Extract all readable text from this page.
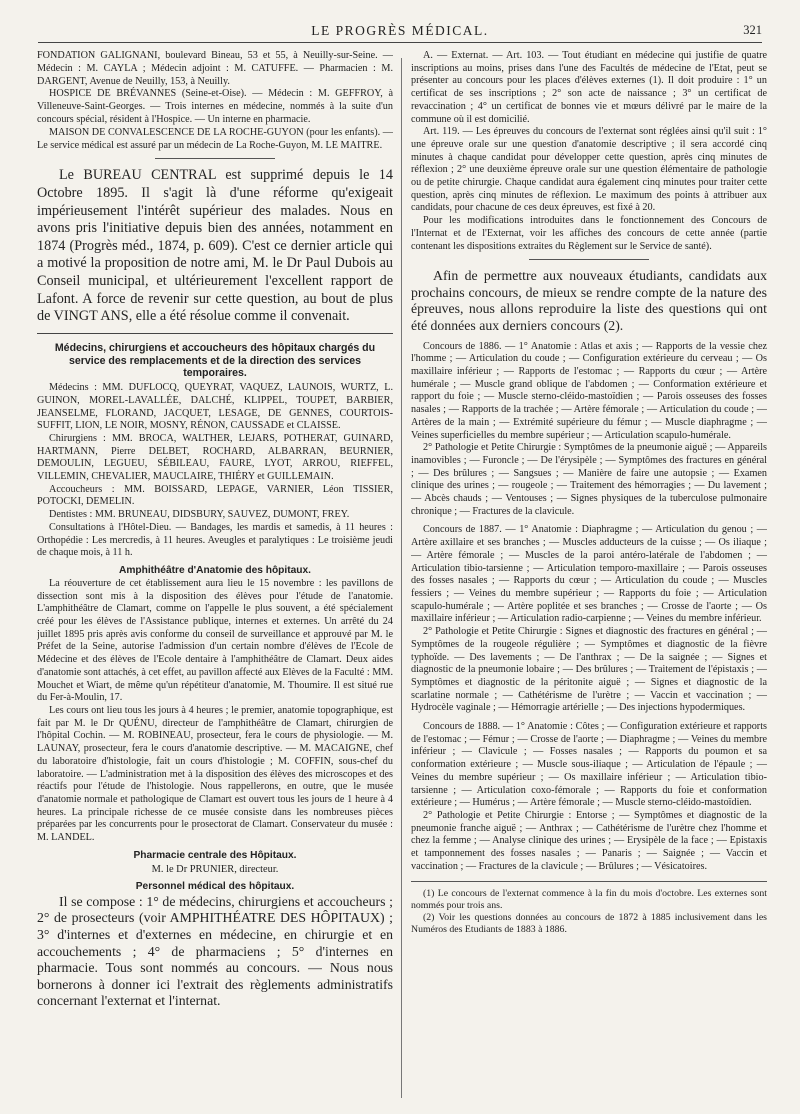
LE PROGRÈS MÉDICAL.	321

FONDATION GALIGNANI, boulevard Bineau, 53 et 55, à Neuilly-sur-Seine. — Médecin : M. CAYLA ; Médecin adjoint : M. CATUFFE. — Pharmacien : M. DARGENT, Avenue de Neuilly, 153, à Neuilly.

HOSPICE DE BRÉVANNES (Seine-et-Oise). — Médecin : M. GEFFROY, à Villeneuve-Saint-Georges. — Trois internes en médecine, nommés à la suite d'un concours spécial, résident à l'Hospice. — Un interne en pharmacie.

MAISON DE CONVALESCENCE DE LA ROCHE-GUYON (pour les enfants). — Le service médical est assuré par un médecin de La Roche-Guyon, M. LE MAITRE.

Le BUREAU CENTRAL est supprimé depuis le 14 Octobre 1895. Il s'agit là d'une réforme qu'exigeait impérieusement l'intérêt supérieur des malades. Nous en avons pris l'initiative depuis bien des années, notamment en 1874 (Progrès méd., 1874, p. 609). C'est ce dernier article qui a motivé la proposition de notre ami, M. le Dr Paul Dubois au Conseil municipal, et ultérieurement l'excellent rapport de Lafont. A force de revenir sur cette question, au bout de plus de VINGT ANS, elle a été résolue comme il convenait.

Médecins, chirurgiens et accoucheurs des hôpitaux chargés du service des remplacements et de la direction des services temporaires.

Médecins : MM. DUFLOCQ, QUEYRAT, VAQUEZ, LAUNOIS, WURTZ, L. GUINON, MOREL-LAVALLÉE, DALCHÉ, KLIPPEL, TOUPET, BARBIER, JEANSELME, FLORAND, JACQUET, LESAGE, DE GENNES, COURTOIS-SUFFIT, LION, LE NOIR, MOSNY, RÉNON, CAUSSADE et CLAISSE.

Chirurgiens : MM. BROCA, WALTHER, LEJARS, POTHERAT, GUINARD, HARTMANN, Pierre DELBET, ROCHARD, ALBARRAN, BEURNIER, DEMOULIN, LEGUEU, SÉBILEAU, FAURE, LYOT, ARROU, RIEFFEL, VILLEMIN, CHEVALIER, MAUCLAIRE, THIÉRY et GUILLEMAIN.

Accoucheurs : MM. BOISSARD, LEPAGE, VARNIER, Léon TISSIER, POTOCKI, DEMELIN.

Dentistes : MM. BRUNEAU, DIDSBURY, SAUVEZ, DUMONT, FREY.

Consultations à l'Hôtel-Dieu. — Bandages, les mardis et samedis, à 11 heures : Orthopédie : Les mercredis, à 11 heures. Aveugles et paralytiques : Le troisième jeudi de chaque mois, à 11 h.

Amphithéâtre d'Anatomie des hôpitaux.

La réouverture de cet établissement aura lieu le 15 novembre : les pavillons de dissection sont mis à la disposition des élèves pour l'étude de l'anatomie. L'amphithéâtre de Clamart, comme on l'appelle le plus souvent, a été spécialement créé pour les élèves de l'Assistance publique, internes et externes. Un arrêté du 24 juillet 1895 pris après avis conforme du conseil de surveillance et approuvé par M. le Préfet de la Seine, autorise l'admission d'un certain nombre d'élèves de l'Ecole de Médecine et des élèves de l'Ecole dentaire à l'amphithéâtre de Clamart. Deux aides d'anatomie sont attachés, à cet effet, au pavillon affecté aux Elèves de la Faculté : MM. Mouchet et Wiart, de même qu'un répétiteur d'anatomie, M. Thoumire. Il est situé rue du Fer-à-Moulin, 17.

Les cours ont lieu tous les jours à 4 heures ; le premier, anatomie topographique, est fait par M. le Dr QUÉNU, directeur de l'amphithéâtre de Clamart, chirurgien de l'hôpital Cochin. — M. ROBINEAU, prosecteur, fera le cours de physiologie. — M. LAUNAY, prosecteur, fera le cours d'anatomie descriptive. — M. MACAIGNE, chef du laboratoire d'histologie, fait un cours d'histologie ; M. COFFIN, sous-chef du laboratoire. — L'administration met à la disposition des élèves des microscopes et des réactifs pour l'étude de l'histologie. Nous rappellerons, en outre, que le musée d'anatomie normale et pathologique de Clamart est ouvert tous les jours de 1 heure à 4 heures. La principale richesse de ce musée consiste dans les nombreuses pièces préparées par les concurrents pour le prosectorat de Clamart. Conservateur du musée : M. LANDEL.

Pharmacie centrale des Hôpitaux.

M. le Dr PRUNIER, directeur.

Personnel médical des hôpitaux.

Il se compose : 1° de médecins, chirurgiens et accoucheurs ; 2° de prosecteurs (voir AMPHITHÉATRE DES HÔPITAUX) ; 3° d'internes et d'externes en médecine, en chirurgie et en accouchements ; 4° de pharmaciens ; 5° d'internes en pharmacie. Tous sont nommés au concours. — Nous nous bornerons à donner ici l'extrait des règlements administratifs concernant l'externat et l'internat.

A. — Externat. — Art. 103. — Tout étudiant en médecine qui justifie de quatre inscriptions au moins, prises dans l'une des Facultés de médecine de l'Etat, peut se présenter au concours pour les places d'élèves externes (1). Il doit produire : 1° un certificat de ses inscriptions ; 2° son acte de naissance ; 3° un certificat de revaccination ; 4° un certificat de bonnes vie et mœurs délivré par le maire de la commune où il est domicilié.

Art. 119. — Les épreuves du concours de l'externat sont réglées ainsi qu'il suit : 1° une épreuve orale sur une question d'anatomie descriptive ; il sera accordé cinq minutes à chaque candidat pour développer cette question, après cinq minutes de réflexion ; 2° une deuxième épreuve orale sur une question élémentaire de pathologie ou de petite chirurgie. Chaque candidat aura également cinq minutes pour traiter cette question, après cinq minutes de réflexion. Le maximum des points à attribuer aux candidats, pour chacune de ces deux épreuves, est fixé à 20.

Pour les modifications introduites dans le fonctionnement des Concours de l'Internat et de l'Externat, voir les affiches des concours de cette année (partie contenant les dispositions extraites du Règlement sur le Service de santé).

Afin de permettre aux nouveaux étudiants, candidats aux prochains concours, de mieux se rendre compte de la nature des épreuves, nous allons reproduire la liste des questions qui ont été données aux derniers concours (2).

Concours de 1886. — 1° Anatomie : Atlas et axis ; — Rapports de la vessie chez l'homme ; — Articulation du coude ; — Configuration extérieure du cerveau ; — Os maxillaire inférieur ; — Rapports de l'estomac ; — Rapports du cœur ; — Artère humérale ; — Muscle grand oblique de l'abdomen ; — Conformation extérieure et rapport du foie ; — Muscle sterno-cléido-mastoïdien ; — Parois osseuses des fosses nasales ; — Rapports de la trachée ; — Artère fémorale ; — Articulation du coude ; — Artères de la main ; — Extrémité supérieure du fémur ; — Muscle diaphragme ; — Veines superficielles du membre supérieur ; — Articulation scapulo-humérale.

2° Pathologie et Petite Chirurgie : Symptômes de la pneumonie aiguë ; — Appareils inamovibles ; — Furoncle ; — De l'érysipèle ; — Symptômes des fractures en général ; — Des brûlures ; — Sangsues ; — Manière de faire une autopsie ; — Examen clinique des urines ; — rougeole ; — Traitement des hémorragies ; — Du lavement ; — Abcès chauds ; — Ventouses ; — Signes physiques de la tuberculose pulmonaire chronique ; — Fractures de la clavicule.

Concours de 1887. — 1° Anatomie : Diaphragme ; — Articulation du genou ; — Artère axillaire et ses branches ; — Muscles adducteurs de la cuisse ; — Os iliaque ; — Artère fémorale ; — Muscles de la paroi antéro-latérale de l'abdomen ; — Articulation tibio-tarsienne ; — Articulation temporo-maxillaire ; — Parois osseuses des fosses nasales ; — Rapports du cœur ; — Articulation du coude ; — Muscles fessiers ; — Veines du membre supérieur ; — Rapports du foie ; — Articulation scapulo-humérale ; — Artère poplitée et ses branches ; — Crosse de l'aorte ; — Os maxillaire inférieur ; — Articulation radio-carpienne ; — Veines du membre inférieur.

2° Pathologie et Petite Chirurgie : Signes et diagnostic des fractures en général ; — Symptômes de la rougeole régulière ; — Symptômes et diagnostic de la fièvre typhoïde. — Des lavements ; — De l'anthrax ; — De la saignée ; — Signes et diagnostic de la pneumonie lobaire ; — Des brûlures ; — Traitement de l'épistaxis ; — Symptômes et diagnostic de la péritonite aiguë ; — Signes et diagnostic de la scarlatine normale ; — Cathétérisme de l'urètre ; — Vaccin et vaccination ; — Hydrocèle vaginale ; — Hémorragie artérielle ; — Des injections hypodermiques.

Concours de 1888. — 1° Anatomie : Côtes ; — Configuration extérieure et rapports de l'estomac ; — Fémur ; — Crosse de l'aorte ; — Diaphragme ; — Veines du membre inférieur ; — Clavicule ; — Fosses nasales ; — Rapports du poumon et sa conformation extérieure ; — Muscle sous-iliaque ; — Articulation de l'épaule ; — Veines du membre supérieur ; — Os maxillaire inférieur ; — Articulation tibio-tarsienne ; — Articulation coxo-fémorale ; — Rapports du foie et conformation extérieure ; — Humérus ; — Artère fémorale ; — Muscle sterno-cléido-mastoïdien.

2° Pathologie et Petite Chirurgie : Entorse ; — Symptômes et diagnostic de la pneumonie franche aiguë ; — Anthrax ; — Cathétérisme de l'urètre chez l'homme et chez la femme ; — Analyse clinique des urines ; — Erysipèle de la face ; — Epistaxis et tamponnement des fosses nasales ; — Panaris ; — Saignée ; — Vaccin et vaccination ; — Fractures de la clavicule ; — Brûlures ; — Vésicatoires.

(1) Le concours de l'externat commence à la fin du mois d'octobre. Les externes sont nommés pour trois ans.

(2) Voir les questions données au concours de 1872 à 1885 inclusivement dans les Numéros des Etudiants de 1883 à 1886.
